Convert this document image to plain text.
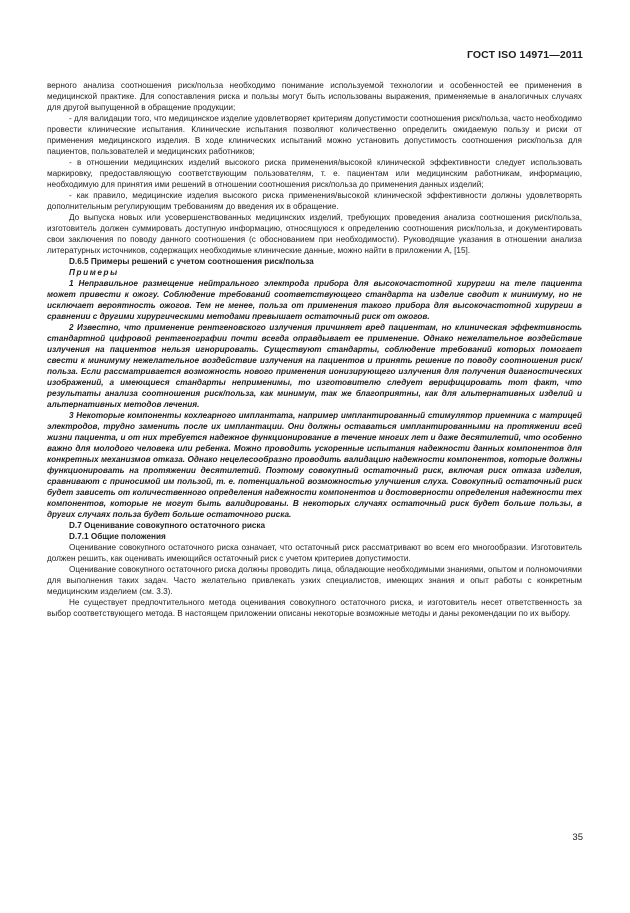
ГОСТ ISO 14971—2011

верного анализа соотношения риск/польза необходимо понимание используемой технологии и особенностей ее применения в медицинской практике. Для сопоставления риска и пользы могут быть использованы выражения, применяемые в аналогичных случаях для другой выпущенной в обращение продукции;

- для валидации того, что медицинское изделие удовлетворяет критериям допустимости соотношения риск/польза, часто необходимо провести клинические испытания. Клинические испытания позволяют количественно определить ожидаемую пользу и риски от применения медицинского изделия. В ходе клинических испытаний можно установить допустимость соотношения риск/польза для пациентов, пользователей и медицинских работников;

- в отношении медицинских изделий высокого риска применения/высокой клинической эффективности следует использовать маркировку, предоставляющую соответствующим пользователям, т. е. пациентам или медицинским работникам, информацию, необходимую для принятия ими решений в отношении соотношения риск/польза до применения данных изделий;

- как правило, медицинские изделия высокого риска применения/высокой клинической эффективности должны удовлетворять дополнительным регулирующим требованиям до введения их в обращение.

До выпуска новых или усовершенствованных медицинских изделий, требующих проведения анализа соотношения риск/польза, изготовитель должен суммировать доступную информацию, относящуюся к определению соотношения риск/польза, и документировать свои заключения по поводу данного соотношения (с обоснованием при необходимости). Руководящие указания в отношении анализа литературных источников, содержащих необходимые клинические данные, можно найти в приложении А, [15].

D.6.5 Примеры решений с учетом соотношения риск/польза

Примеры

1 Неправильное размещение нейтрального электрода прибора для высокочастотной хирургии на теле пациента может привести к ожогу. Соблюдение требований соответствующего стандарта на изделие сводит к минимуму, но не исключает вероятность ожогов. Тем не менее, польза от применения такого прибора для высокочастотной хирургии в сравнении с другими хирургическими методами превышает остаточный риск от ожогов.

2 Известно, что применение рентгеновского излучения причиняет вред пациентам, но клиническая эффективность стандартной цифровой рентгенографии почти всегда оправдывает ее применение. Однако нежелательное воздействие излучения на пациентов нельзя игнорировать. Существуют стандарты, соблюдение требований которых помогает свести к минимуму нежелательное воздействие излучения на пациентов и принять решение по поводу соотношения риск/польза. Если рассматривается возможность нового применения ионизирующего излучения для получения диагностических изображений, а имеющиеся стандарты неприменимы, то изготовителю следует верифицировать тот факт, что результаты анализа соотношения риск/польза, как минимум, так же благоприятны, как для альтернативных изделий и альтернативных методов лечения.

3 Некоторые компоненты кохлеарного имплантата, например имплантированный стимулятор приемника с матрицей электродов, трудно заменить после их имплантации. Они должны оставаться имплантированными на протяжении всей жизни пациента, и от них требуется надежное функционирование в течение многих лет и даже десятилетий, что особенно важно для молодого человека или ребенка. Можно проводить ускоренные испытания надежности данных компонентов для конкретных механизмов отказа. Однако нецелесообразно проводить валидацию надежности компонентов, которые должны функционировать на протяжении десятилетий. Поэтому совокупный остаточный риск, включая риск отказа изделия, сравнивают с приносимой им пользой, т. е. потенциальной возможностью улучшения слуха. Совокупный остаточный риск будет зависеть от количественного определения надежности компонентов и достоверности определения надежности тех компонентов, которые не могут быть валидированы. В некоторых случаях остаточный риск будет больше пользы, в других случаях польза будет больше остаточного риска.

D.7 Оценивание совокупного остаточного риска

D.7.1 Общие положения

Оценивание совокупного остаточного риска означает, что остаточный риск рассматривают во всем его многообразии. Изготовитель должен решить, как оценивать имеющийся остаточный риск с учетом критериев допустимости.

Оценивание совокупного остаточного риска должны проводить лица, обладающие необходимыми знаниями, опытом и полномочиями для выполнения таких задач. Часто желательно привлекать узких специалистов, имеющих знания и опыт работы с конкретным медицинским изделием (см. 3.3).

Не существует предпочтительного метода оценивания совокупного остаточного риска, и изготовитель несет ответственность за выбор соответствующего метода. В настоящем приложении описаны некоторые возможные методы и даны рекомендации по их выбору.

35
